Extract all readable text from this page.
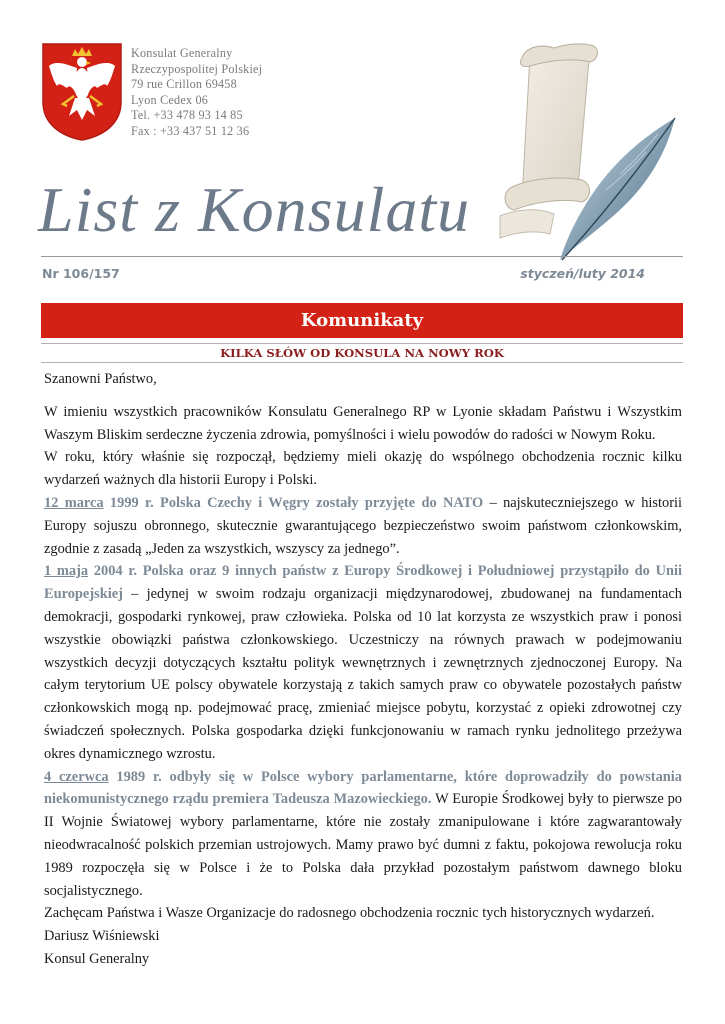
Konsulat Generalny
Rzeczypospolitej Polskiej
79 rue Crillon 69458
Lyon Cedex 06
Tel. +33 478 93 14 85
Fax : +33 437 51 12 36
List z Konsulatu
Nr 106/157	styczeń/luty 2014
Komunikaty
KILKA SŁÓW OD KONSULA NA NOWY ROK

Szanowni Państwo,

W imieniu wszystkich pracowników Konsulatu Generalnego RP w Lyonie składam Państwu i Wszystkim Waszym Bliskim serdeczne życzenia zdrowia, pomyślności i wielu powodów do radości w Nowym Roku.

W roku, który właśnie się rozpoczął, będziemy mieli okazję do wspólnego obchodzenia rocznic kilku wydarzeń ważnych dla historii Europy i Polski.

12 marca 1999 r. Polska Czechy i Węgry zostały przyjęte do NATO – najskuteczniejszego w historii Europy sojuszu obronnego, skutecznie gwarantującego bezpieczeństwo swoim państwom członkowskim, zgodnie z zasadą „Jeden za wszystkich, wszyscy za jednego”.

1 maja 2004 r. Polska oraz 9 innych państw z Europy Środkowej i Południowej przystąpiło do Unii Europejskiej – jedynej w swoim rodzaju organizacji międzynarodowej, zbudowanej na fundamentach demokracji, gospodarki rynkowej, praw człowieka. Polska od 10 lat korzysta ze wszystkich praw i ponosi wszystkie obowiązki państwa członkowskiego. Uczestniczy na równych prawach w podejmowaniu wszystkich decyzji dotyczących kształtu polityk wewnętrznych i zewnętrznych zjednoczonej Europy. Na całym terytorium UE polscy obywatele korzystają z takich samych praw co obywatele pozostałych państw członkowskich mogą np. podejmować pracę, zmieniać miejsce pobytu, korzystać z opieki zdrowotnej czy świadczeń społecznych. Polska gospodarka dzięki funkcjonowaniu w ramach rynku jednolitego przeżywa okres dynamicznego wzrostu.

4 czerwca 1989 r. odbyły się w Polsce wybory parlamentarne, które doprowadziły do powstania niekomunistycznego rządu premiera Tadeusza Mazowieckiego. W Europie Środkowej były to pierwsze po II Wojnie Światowej wybory parlamentarne, które nie zostały zmanipulowane i które zagwarantowały nieodwracalność polskich przemian ustrojowych. Mamy prawo być dumni z faktu, pokojowa rewolucja roku 1989 rozpoczęła się w Polsce i że to Polska dała przykład pozostałym państwom dawnego bloku socjalistycznego.

Zachęcam Państwa i Wasze Organizacje do radosnego obchodzenia rocznic tych historycznych wydarzeń.

Dariusz Wiśniewski

Konsul Generalny
